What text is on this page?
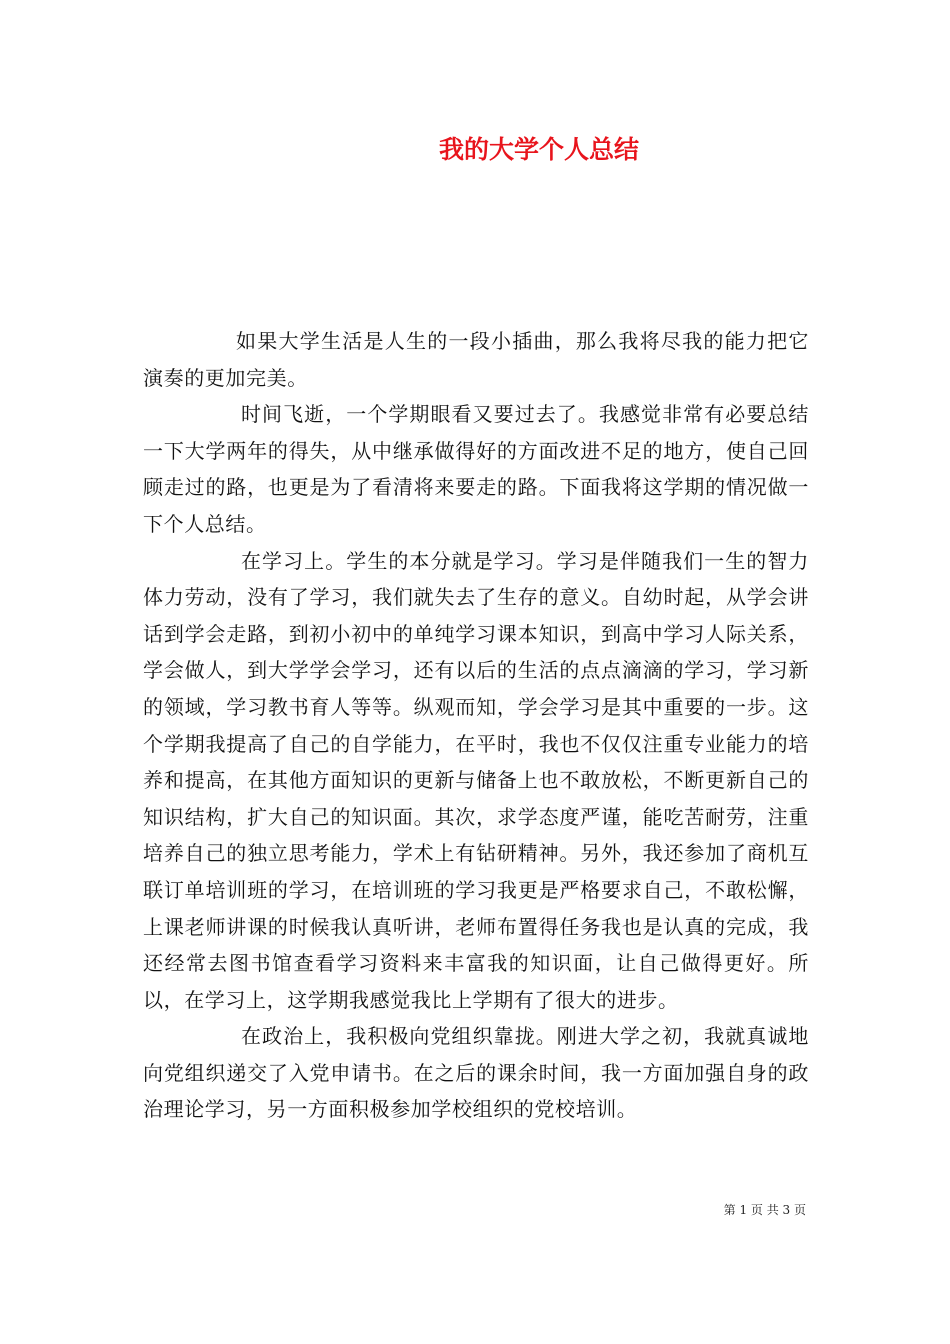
我的大学个人总结

如果大学生活是人生的一段小插曲，那么我将尽我的能力把它演奏的更加完美。

时间飞逝，一个学期眼看又要过去了。我感觉非常有必要总结一下大学两年的得失，从中继承做得好的方面改进不足的地方，使自己回顾走过的路，也更是为了看清将来要走的路。下面我将这学期的情况做一下个人总结。

在学习上。学生的本分就是学习。学习是伴随我们一生的智力体力劳动，没有了学习，我们就失去了生存的意义。自幼时起，从学会讲话到学会走路，到初小初中的单纯学习课本知识，到高中学习人际关系，学会做人，到大学学会学习，还有以后的生活的点点滴滴的学习，学习新的领域，学习教书育人等等。纵观而知，学会学习是其中重要的一步。这个学期我提高了自己的自学能力，在平时，我也不仅仅注重专业能力的培养和提高，在其他方面知识的更新与储备上也不敢放松，不断更新自己的知识结构，扩大自己的知识面。其次，求学态度严谨，能吃苦耐劳，注重培养自己的独立思考能力，学术上有钻研精神。另外，我还参加了商机互联订单培训班的学习，在培训班的学习我更是严格要求自己，不敢松懈，上课老师讲课的时候我认真听讲，老师布置得任务我也是认真的完成，我还经常去图书馆查看学习资料来丰富我的知识面，让自己做得更好。所以，在学习上，这学期我感觉我比上学期有了很大的进步。

在政治上，我积极向党组织靠拢。刚进大学之初，我就真诚地向党组织递交了入党申请书。在之后的课余时间，我一方面加强自身的政治理论学习，另一方面积极参加学校组织的党校培训。

第 1 页 共 3 页
